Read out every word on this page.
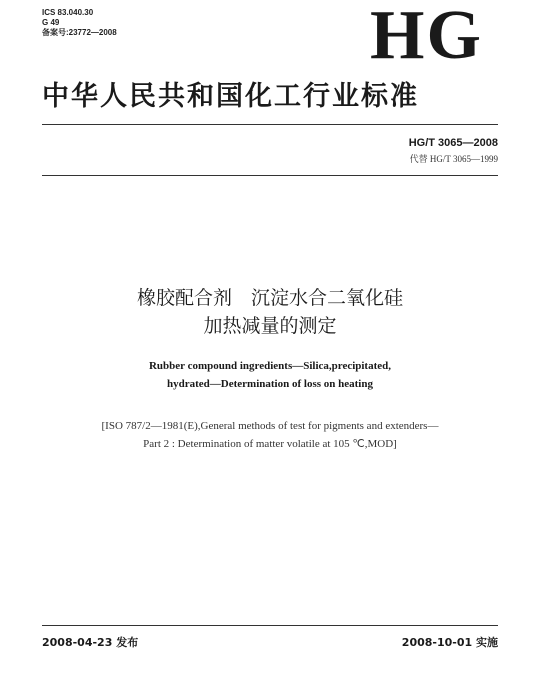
ICS 83.040.30
G 49
备案号:23772—2008	HG
中华人民共和国化工行业标准
HG/T 3065—2008
代替 HG/T 3065—1999
橡胶配合剂　沉淀水合二氧化硅
加热减量的测定
Rubber compound ingredients—Silica,precipitated,
hydrated—Determination of loss on heating
[ISO 787/2—1981(E),General methods of test for pigments and extenders—
Part 2 : Determination of matter volatile at 105 ℃,MOD]
2008-04-23 发布	2008-10-01 实施
